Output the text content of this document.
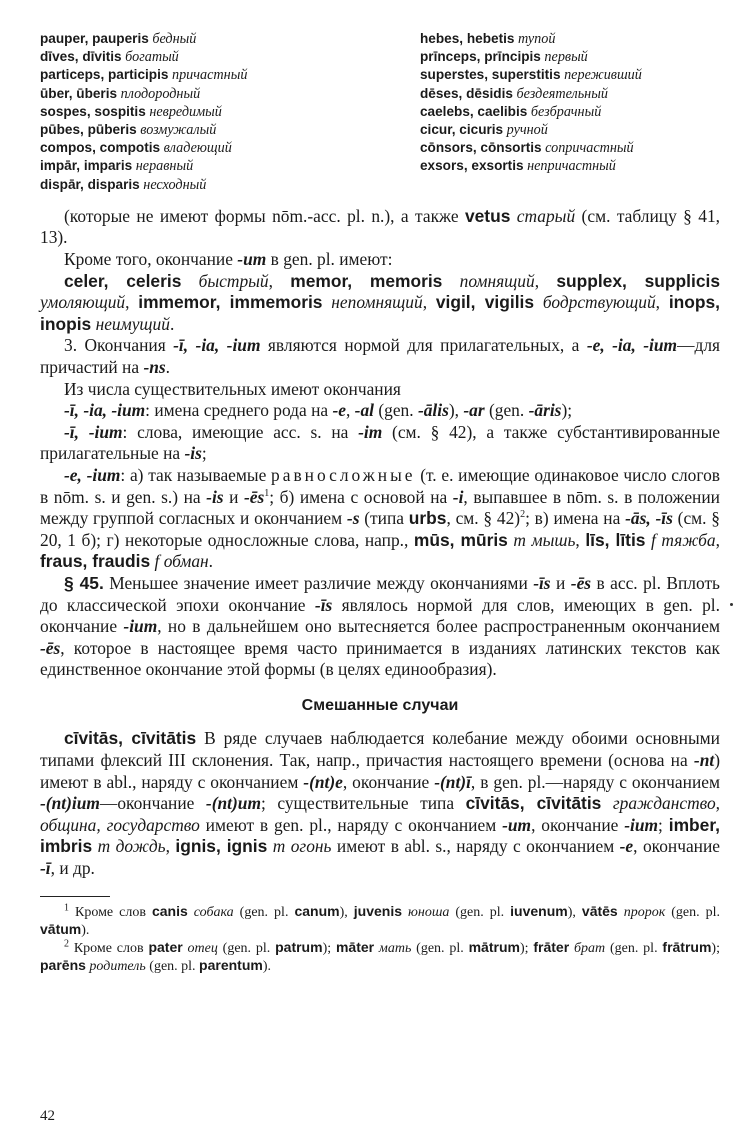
pauper, pauperis бедный
dīves, dīvitis богатый
particeps, participis причастный
ūber, ūberis плодородный
sospes, sospitis невредимый
pūbes, pūberis возмужалый
compos, compotis владеющий
impār, imparis неравный
dispār, disparis несходный
hebes, hebetis тупой
prīnceps, prīncipis первый
superstes, superstitis переживший
dēses, dēsidis бездеятельный
caelebs, caelibis безбрачный
cicur, cicuris ручной
cōnsors, cōnsortis сопричастный
exsors, exsortis непричастный

(которые не имеют формы nōm.-acc. pl. n.), а также vetus старый (см. таблицу § 41, 13).

Кроме того, окончание -um в gen. pl. имеют:

celer, celeris быстрый, memor, memoris помнящий, supplex, supplicis умоляющий, immemor, immemoris непомнящий, vigil, vigilis бодрствующий, inops, inopis неимущий.

3. Окончания -ī, -ia, -ium являются нормой для прилагательных, а -e, -ia, -ium—для причастий на -ns.

Из числа существительных имеют окончания

-ī, -ia, -ium: имена среднего рода на -e, -al (gen. -ālis), -ar (gen. -āris);

-ī, -ium: слова, имеющие acc. s. на -im (см. § 42), а также субстантивированные прилагательные на -is;

-e, -ium: а) так называемые равносложные (т. е. имеющие одинаковое число слогов в nōm. s. и gen. s.) на -is и $-ēs^1$; б) имена с основой на -i, выпавшее в nōm. s. в положении между группой согласных и окончанием -s (типа urbs, см. § 42)$^2$; в) имена на -ās, -īs (см. § 20, 1 б); г) некоторые односложные слова, напр., mūs, mūris m мышь, līs, lītis f тяжба, fraus, fraudis f обман.

§ 45. Меньшее значение имеет различие между окончаниями -īs и -ēs в acc. pl. Вплоть до классической эпохи окончание -īs являлось нормой для слов, имеющих в gen. pl. окончание -ium, но в дальнейшем оно вытесняется более распространенным окончанием -ēs, которое в настоящее время часто принимается в изданиях латинских текстов как единственное окончание этой формы (в целях единообразия).

Смешанные случаи

cīvitās, cīvitātis В ряде случаев наблюдается колебание между обоими основными типами флексий III склонения. Так, напр., причастия настоящего времени (основа на -nt) имеют в abl., наряду с окончанием -(nt)e, окончание -(nt)ī, в gen. pl.—наряду с окончанием -(nt)ium—окончание -(nt)um; существительные типа cīvitās, cīvitātis гражданство, община, государство имеют в gen. pl., наряду с окончанием -um, окончание -ium; imber, imbris m дождь, ignis, ignis m огонь имеют в abl. s., наряду с окончанием -e, окончание -ī, и др.

$^1$ Кроме слов canis собака (gen. pl. canum), juvenis юноша (gen. pl. iuvenum), vātēs пророк (gen. pl. vātum).

$^2$ Кроме слов pater отец (gen. pl. patrum); māter мать (gen. pl. mātrum); frāter брат (gen. pl. frātrum); parēns родитель (gen. pl. parentum).

42
